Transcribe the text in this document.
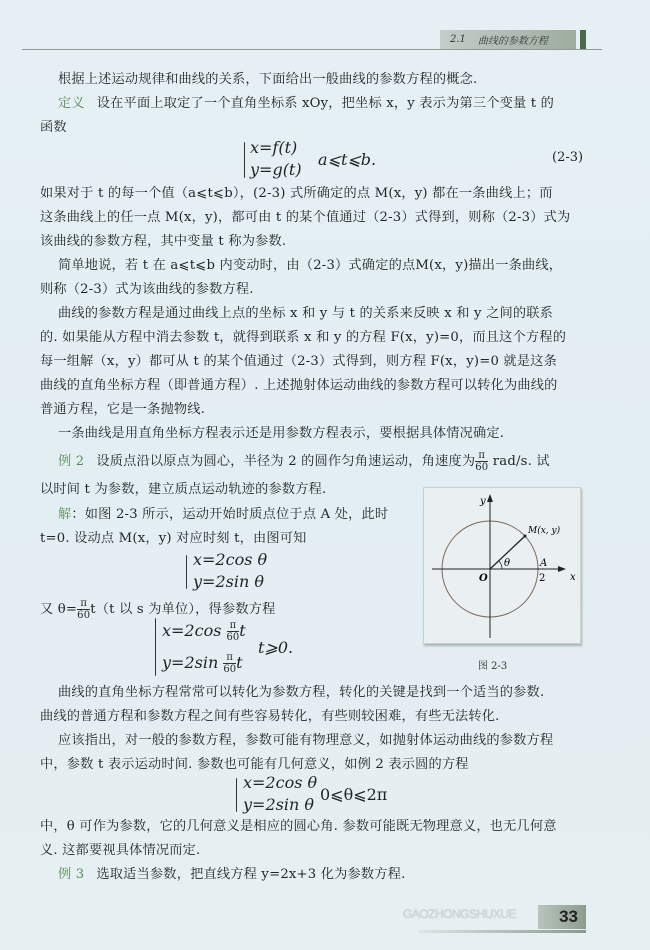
2.1 曲线的参数方程
根据上述运动规律和曲线的关系，下面给出一般曲线的参数方程的概念.
定义 设在平面上取定了一个直角坐标系 xOy，把坐标 x，y 表示为第三个变量 t 的
函数
x=f(t)
y=g(t)
a⩽t⩽b.	(2-3)
如果对于 t 的每一个值（a⩽t⩽b），(2-3) 式所确定的点 M(x，y) 都在一条曲线上；而
这条曲线上的任一点 M(x，y)，都可由 t 的某个值通过（2-3）式得到，则称（2-3）式为
该曲线的参数方程，其中变量 t 称为参数.
简单地说，若 t 在 a⩽t⩽b 内变动时，由（2-3）式确定的点M(x，y)描出一条曲线，
则称（2-3）式为该曲线的参数方程.
曲线的参数方程是通过曲线上点的坐标 x 和 y 与 t 的关系来反映 x 和 y 之间的联系
的. 如果能从方程中消去参数 t，就得到联系 x 和 y 的方程 F(x，y)=0，而且这个方程的
每一组解（x，y）都可从 t 的某个值通过（2-3）式得到，则方程 F(x，y)=0 就是这条
曲线的直角坐标方程（即普通方程）. 上述抛射体运动曲线的参数方程可以转化为曲线的
普通方程，它是一条抛物线.
一条曲线是用直角坐标方程表示还是用参数方程表示，要根据具体情况确定.
例 2 设质点沿以原点为圆心，半径为 2 的圆作匀角速运动，角速度为 $\frac{\pi}{60} rad/s$. 试
以时间 t 为参数，建立质点运动轨迹的参数方程.
解：如图 2-3 所示，运动开始时质点位于点 A 处，此时
t=0. 设动点 M(x，y) 对应时刻 t，由图可知
x=2cos θ
y=2sin θ
又 $\theta= \frac{\pi}{60} t(t$ 以 s 为单位），得参数方程
$x=2\cos \frac{\pi}{60}$ t
$y=2\sin \frac{\pi}{60}$ t
t⩾0.
y
x
O
A
2
M(x, y)
θ
图 2-3
曲线的直角坐标方程常常可以转化为参数方程，转化的关键是找到一个适当的参数.
曲线的普通方程和参数方程之间有些容易转化，有些则较困难，有些无法转化.
应该指出，对一般的参数方程，参数可能有物理意义，如抛射体运动曲线的参数方程
中，参数 t 表示运动时间. 参数也可能有几何意义，如例 2 表示圆的方程
x=2cos θ
y=2sin θ
0⩽θ⩽2π
中，θ 可作为参数，它的几何意义是相应的圆心角. 参数可能既无物理意义，也无几何意
义. 这都要视具体情况而定.
例 3 选取适当参数，把直线方程 y=2x+3 化为参数方程.
GAOZHONGSHUXUE	33
